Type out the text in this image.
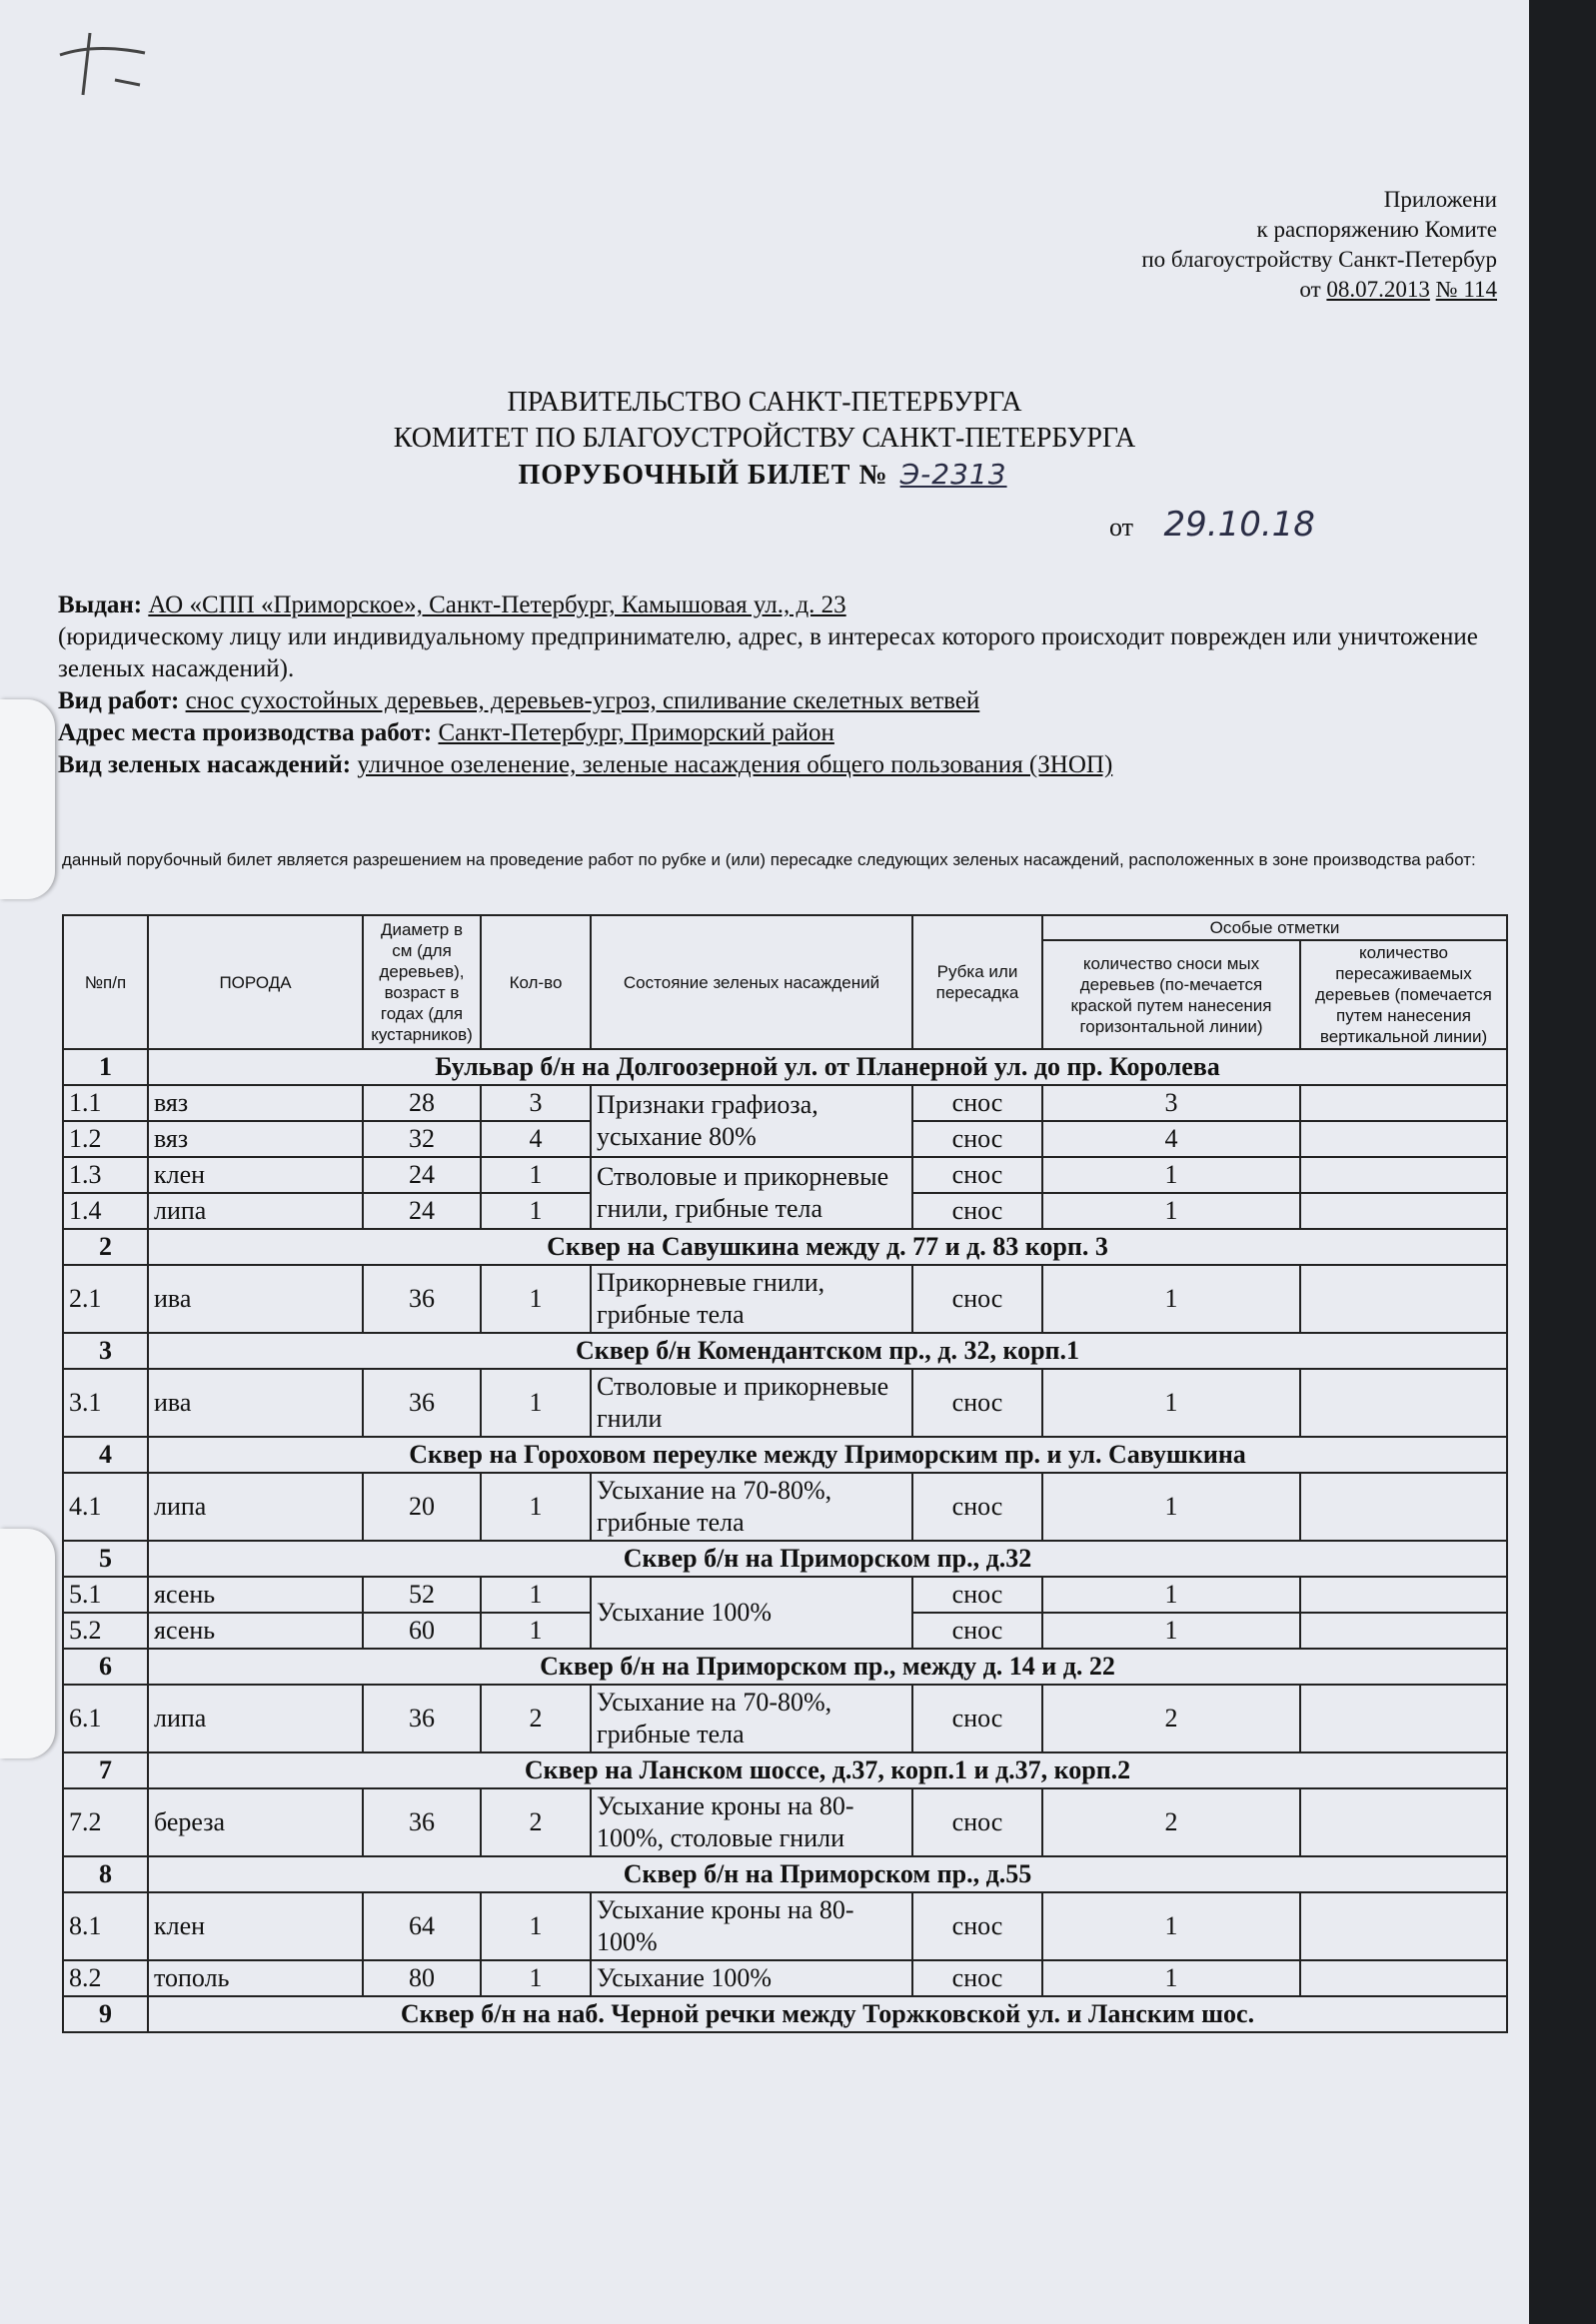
Приложени
к распоряжению Комите
по благоустройству Санкт-Петербур
от 08.07.2013 № 114
ПРАВИТЕЛЬСТВО САНКТ-ПЕТЕРБУРГА
КОМИТЕТ ПО БЛАГОУСТРОЙСТВУ САНКТ-ПЕТЕРБУРГА
ПОРУБОЧНЫЙ БИЛЕТ № Э-2313
от 29.10.18
Выдан: АО «СПП «Приморское», Санкт-Петербург, Камышовая ул., д. 23
(юридическому лицу или индивидуальному предпринимателю, адрес, в интересах которого происходит поврежден или уничтожение зеленых насаждений).
Вид работ: снос сухостойных деревьев, деревьев-угроз, спиливание скелетных ветвей
Адрес места производства работ: Санкт-Петербург, Приморский район
Вид зеленых насаждений: уличное озеленение, зеленые насаждения общего пользования (ЗНОП)
данный порубочный билет является разрешением на проведение работ по рубке и (или) пересадке следующих зеленых насаждений, расположенных в зоне производства работ:
№п/п	ПОРОДА	Диаметр в см (для деревьев), возраст в годах (для кустарников)	Кол-во	Состояние зеленых насаждений	Рубка или пересадка	Особые отметки	
						количество сноси мых деревьев (по-мечается краской путем нанесения горизонтальной линии)	количество пересаживаемых деревьев (помечается путем нанесения вертикальной линии)
1	Бульвар б/н на Долгоозерной ул. от Планерной ул. до пр. Королева						
1.1	вяз	28	3	Признаки графиоза, усыхание 80%	снос	3	
1.2	вяз	32	4		снос	4	
1.3	клен	24	1	Стволовые и прикорневые гнили, грибные тела	снос	1	
1.4	липа	24	1		снос	1	
2	Сквер на Савушкина между д. 77 и д. 83 корп. 3						
2.1	ива	36	1	Прикорневые гнили, грибные тела	снос	1	
3	Сквер б/н Комендантском пр., д. 32, корп.1						
3.1	ива	36	1	Стволовые и прикорневые гнили	снос	1	
4	Сквер на Гороховом переулке между Приморским пр. и ул. Савушкина						
4.1	липа	20	1	Усыхание на 70-80%, грибные тела	снос	1	
5	Сквер б/н на Приморском пр., д.32						
5.1	ясень	52	1	Усыхание 100%	снос	1	
5.2	ясень	60	1		снос	1	
6	Сквер б/н на Приморском пр., между д. 14 и д. 22						
6.1	липа	36	2	Усыхание на 70-80%, грибные тела	снос	2	
7	Сквер на Ланском шоссе, д.37, корп.1 и д.37, корп.2						
7.2	береза	36	2	Усыхание кроны на 80-100%, столовые гнили	снос	2	
8	Сквер б/н на Приморском пр., д.55						
8.1	клен	64	1	Усыхание кроны на 80-100%	снос	1	
8.2	тополь	80	1	Усыхание 100%	снос	1	
9	Сквер б/н на наб. Черной речки между Торжковской ул. и Ланским шос.						
